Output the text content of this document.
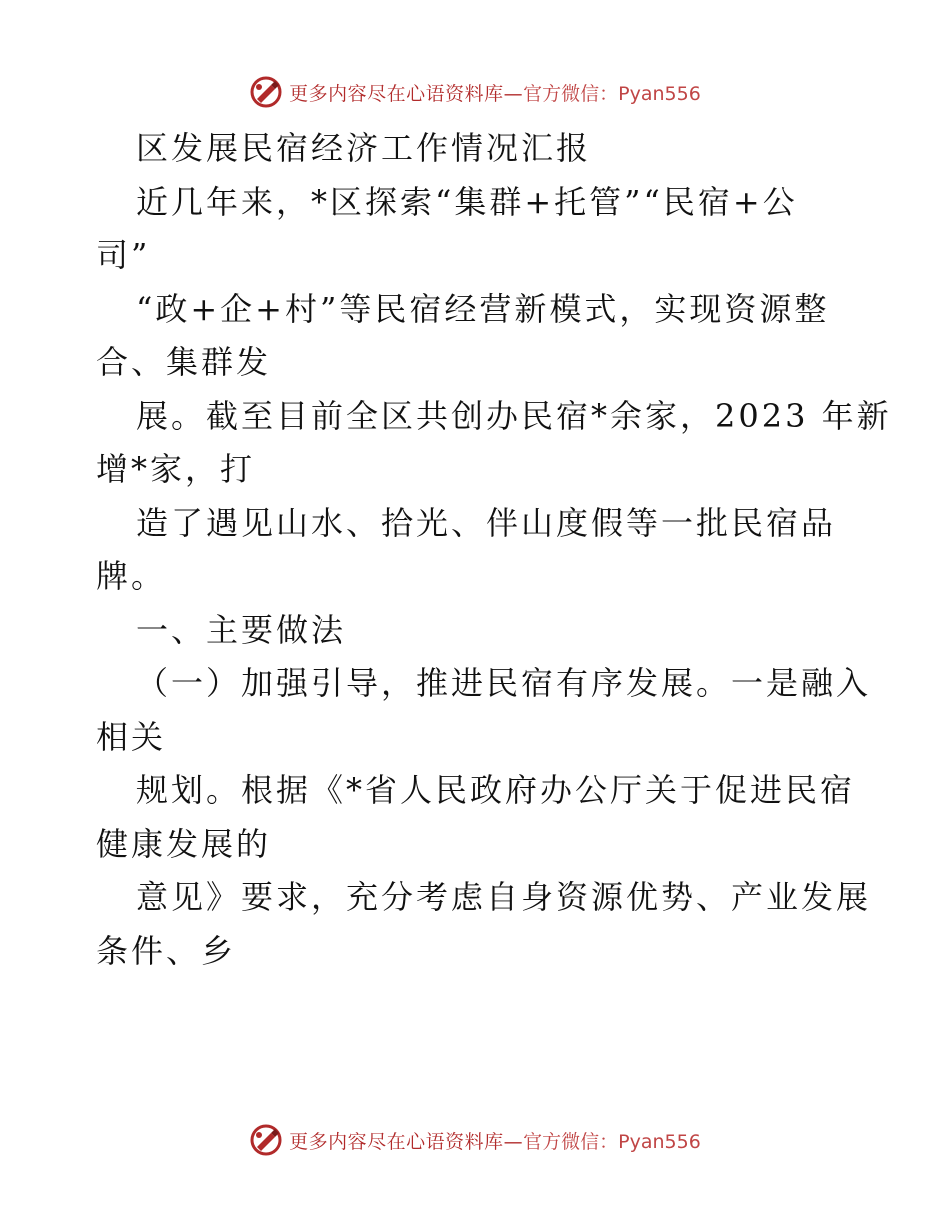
更多内容尽在心语资料库— 官方微信：Pyan556
区发展民宿经济工作情况汇报
近几年来，*区探索“集群+托管”“民宿+公
司”
“政+企+村”等民宿经营新模式，实现资源整
合、集群发
展。截至目前全区共创办民宿*余家，2023 年新
增*家，打
造了遇见山水、拾光、伴山度假等一批民宿品
牌。
一、主要做法
（一）加强引导，推进民宿有序发展。一是融入
相关
规划。根据《*省人民政府办公厅关于促进民宿
健康发展的
意见》要求，充分考虑自身资源优势、产业发展
条件、乡
更多内容尽在心语资料库— 官方微信：Pyan556
